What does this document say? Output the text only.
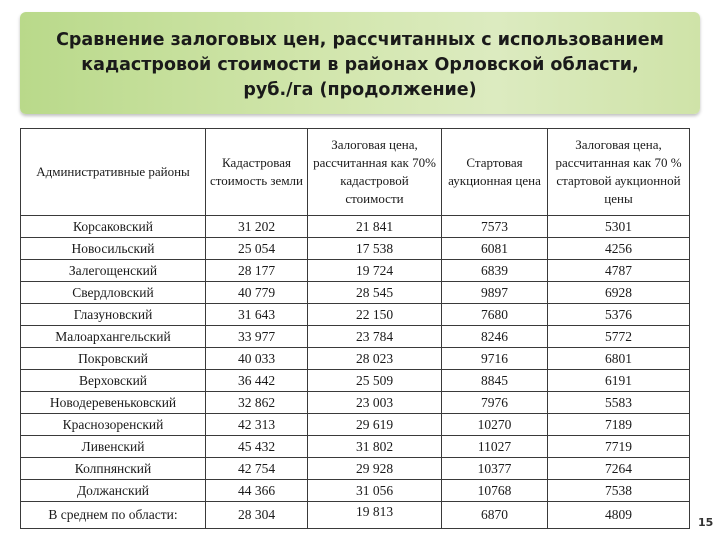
Сравнение залоговых цен, рассчитанных с использованием
кадастровой стоимости в районах Орловской области,
руб./га (продолжение)
Административные районы	Кадастровая стоимость земли	Залоговая цена, рассчитанная как 70% кадастровой стоимости	Стартовая аукционная цена	Залоговая цена, рассчитанная как 70 % стартовой аукционной цены
Корсаковский	31 202	21 841	7573	5301
Новосильский	25 054	17 538	6081	4256
Залегощенский	28 177	19 724	6839	4787
Свердловский	40 779	28 545	9897	6928
Глазуновский	31 643	22 150	7680	5376
Малоархангельский	33 977	23 784	8246	5772
Покровский	40 033	28 023	9716	6801
Верховский	36 442	25 509	8845	6191
Новодеревеньковский	32 862	23 003	7976	5583
Краснозоренский	42 313	29 619	10270	7189
Ливенский	45 432	31 802	11027	7719
Колпнянский	42 754	29 928	10377	7264
Должанский	44 366	31 056	10768	7538
В среднем по области:	28 304	19 813	6870	4809
15
